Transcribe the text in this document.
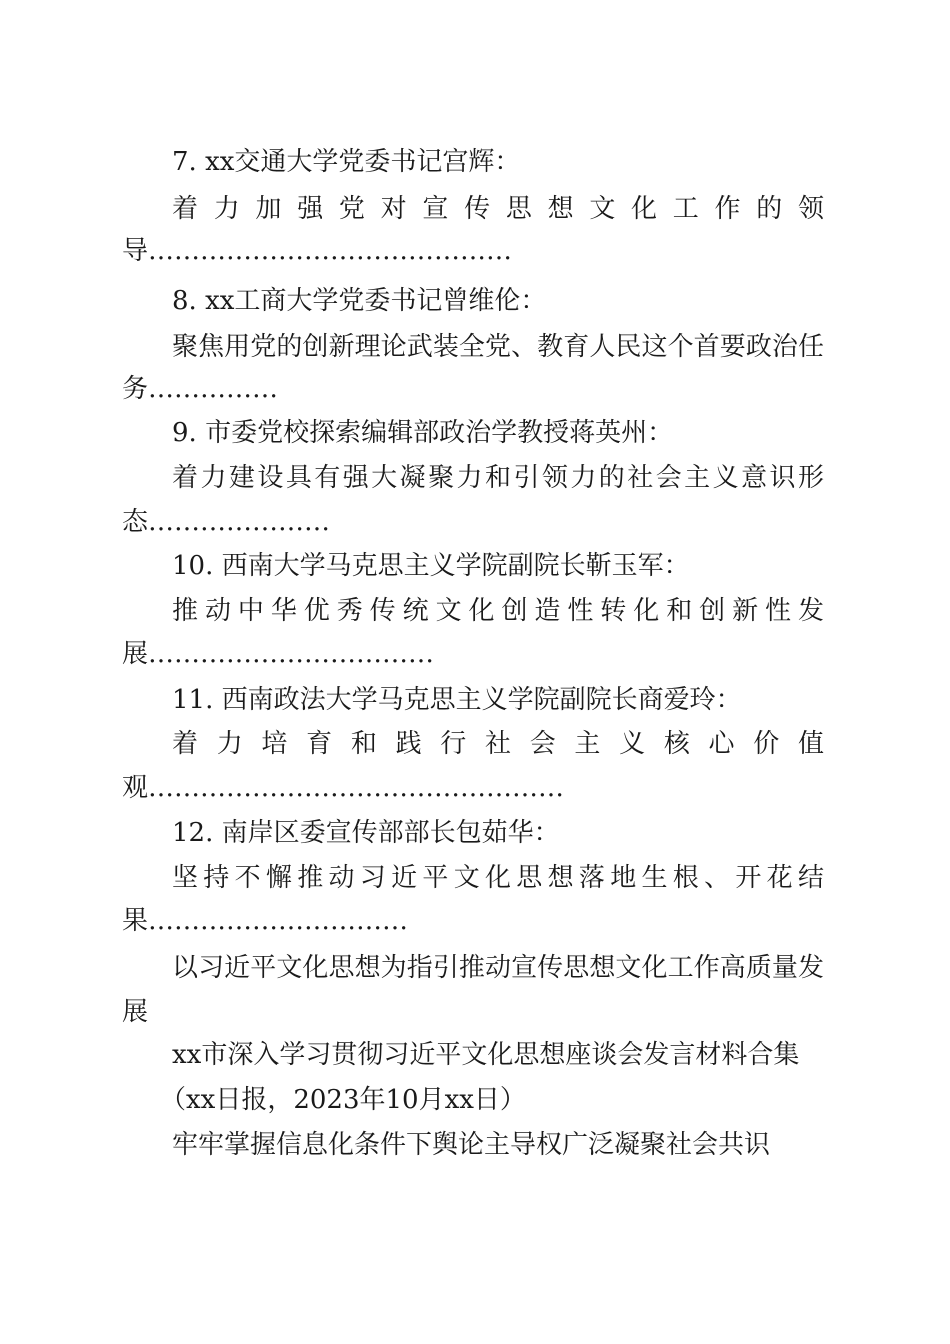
7. xx交通大学党委书记宫辉：
着力加强党对宣传思想文化工作的领
导……………………………………
8. xx工商大学党委书记曾维伦：
聚焦用党的创新理论武装全党、教育人民这个首要政治任
务……………
9. 市委党校探索编辑部政治学教授蒋英州：
着力建设具有强大凝聚力和引领力的社会主义意识形
态…………………
10. 西南大学马克思主义学院副院长靳玉军：
推动中华优秀传统文化创造性转化和创新性发
展……………………………
11. 西南政法大学马克思主义学院副院长商爱玲：
着力培育和践行社会主义核心价值
观…………………………………………
12. 南岸区委宣传部部长包茹华：
坚持不懈推动习近平文化思想落地生根、开花结
果…………………………
以习近平文化思想为指引推动宣传思想文化工作高质量发
展
xx市深入学习贯彻习近平文化思想座谈会发言材料合集
（xx日报，2023年10月xx日）
牢牢掌握信息化条件下舆论主导权广泛凝聚社会共识
